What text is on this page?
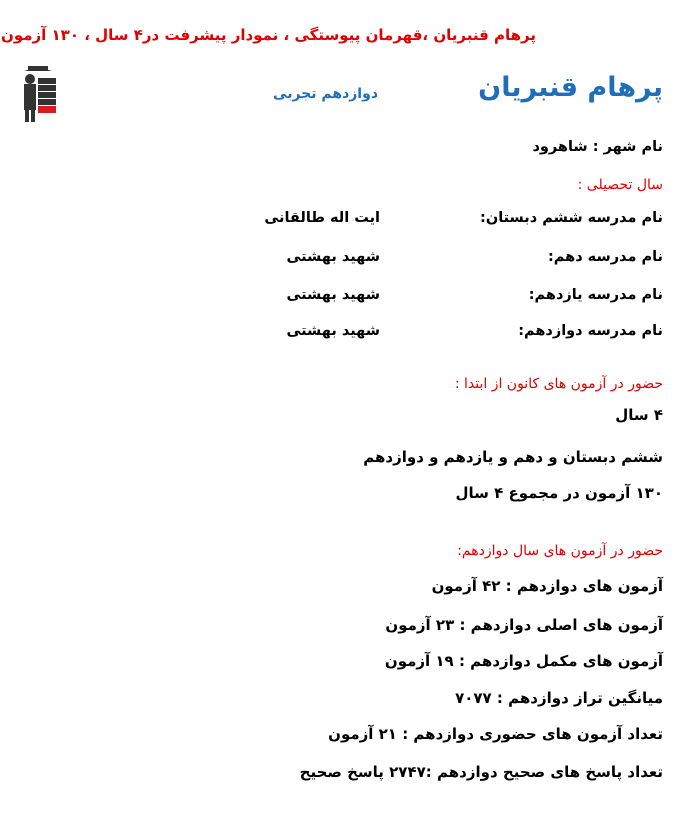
پرهام قنبریان ،قهرمان پیوستگی ، نمودار پیشرفت در۴ سال ، ۱۳۰ آزمون
پرهام قنبریان
دوازدهم تجربی
نام شهر : شاهرود
سال تحصیلی :
نام مدرسه ششم دبستان:
ایت اله طالقانی
نام مدرسه دهم:
شهید بهشتی
نام مدرسه یازدهم:
شهید بهشتی
نام مدرسه دوازدهم:
شهید بهشتی
حضور در آزمون های کانون از ابتدا :
۴ سال
ششم دبستان و دهم و یازدهم و دوازدهم
۱۳۰ آزمون در مجموع ۴ سال
حضور در آزمون های سال دوازدهم:
آزمون های دوازدهم : ۴۲ آزمون
آزمون های اصلی دوازدهم : ۲۳ آزمون
آزمون های مکمل دوازدهم : ۱۹ آزمون
میانگین تراز دوازدهم : ۷۰۷۷
تعداد آزمون های حضوری دوازدهم : ۲۱ آزمون
تعداد پاسخ های صحیح دوازدهم :۲۷۴۷ پاسخ صحیح
